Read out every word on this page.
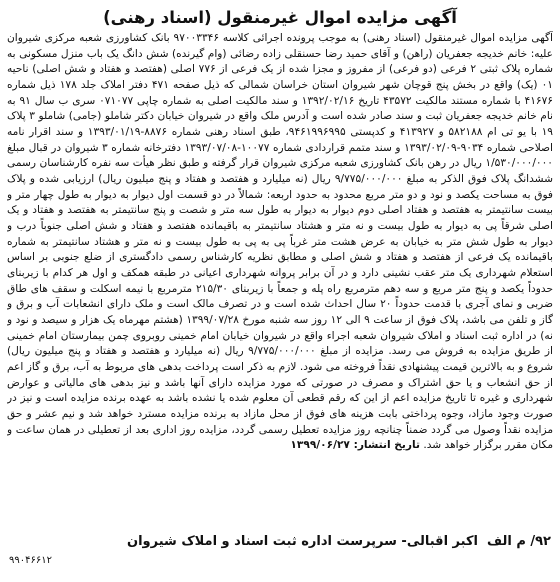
آگهی مزایده اموال غیرمنقول (اسناد رهنی)
آگهی مزایده اموال غیرمنقول (اسناد رهنی) به موجب پرونده اجرائی کلاسه ۹۷۰۰۳۳۴۶ بانک کشاورزی شعبه مرکزی شیروان علیه: خانم خدیجه جعفریان (راهن) و آقای حمید رضا حسنقلی زاده رضائی (وام گیرنده) شش دانگ یک باب منزل مسکونی به شماره پلاک ثبتی ۲ فرعی (دو فرعی) از مفروز و مجزا شده از یک فرعی از ۷۷۶ اصلی (هفتصد و هفتاد و شش اصلی) ناحیه ۰۱ (یک) واقع در بخش پنج قوچان شهر شیروان استان خراسان شمالی که ذیل صفحه ۴۷۱ دفتر املاک جلد ۱۷۸ ذیل شماره ۴۱۶۷۶ با شماره مستند مالکیت ۴۳۵۷۲ تاریخ ۱۳۹۲/۰۲/۱۶ و سند مالکیت اصلی به شماره چاپی ۰۷۱۰۷۷ سری ب سال ۹۱ به نام خانم خدیجه جعفریان ثبت و سند صادر شده است و آدرس ملک واقع در شیروان خیابان دکتر شاملو (جامی) شاملو ۳ پلاک ۱۹ با یو تی ام ۵۸۲۱۸۸ و ۴۱۳۹۲۷ و کدپستی ۹۴۶۱۹۹۶۹۹۵، طبق اسناد رهنی شماره ۸۸۷۶-۱۳۹۳/۰۱/۱۹ و سند اقرار نامه اصلاحی شماره ۹۰۳۴-۱۳۹۳/۰۲/۰۹ و سند متمم قراردادی شماره ۱۰۰۷۷-۱۳۹۳/۰۷/۰۸ دفترخانه شماره ۳ شیروان در قبال مبلغ ۱/۵۳۰/۰۰۰/۰۰۰ ریال در رهن بانک کشاورزی شعبه مرکزی شیروان قرار گرفته و طبق نظر هیأت سه نفره کارشناسان رسمی ششدانگ پلاک فوق الذکر به مبلغ ۹/۷۷۵/۰۰۰/۰۰۰ ریال (نه میلیارد و هفتصد و هفتاد و پنج میلیون ریال) ارزیابی شده و پلاک فوق به مساحت یکصد و نود و دو متر مربع محدود به حدود اربعه: شمالاً در دو قسمت اول دیوار به دیوار به طول چهار متر و بیست سانتیمتر به هفتصد و هفتاد اصلی دوم دیوار به دیوار به طول سه متر و شصت و پنج سانتیمتر به هفتصد و هفتاد و یک اصلی شرقاً پی به دیوار به طول بیست و نه متر و هشتاد سانتیمتر به باقیمانده هفتصد و هفتاد و شش اصلی جنوباً درب و دیوار به طول شش متر به خیابان به عرض هشت متر غرباً پی به پی به طول بیست و نه متر و هشتاد سانتیمتر به شماره باقیمانده یک فرعی از هفتصد و هفتاد و شش اصلی و مطابق نظریه کارشناس رسمی دادگستری از ضلع جنوبی بر اساس استعلام شهرداری یک متر عقب نشینی دارد و در آن برابر پروانه شهرداری اعیانی در طبقه همکف و اول هر کدام با زیربنای حدوداً یکصد و پنج متر مربع و سه دهم مترمربع راه پله و جمعاً با زیربنای ۲۱۵/۳۰ مترمربع با نیمه اسکلت و سقف های طاق ضربی و نمای آجری با قدمت حدوداً ۲۰ سال احداث شده است و در تصرف مالک است و ملک دارای انشعابات آب و برق و گاز و تلفن می باشد، پلاک فوق از ساعت ۹ الی ۱۲ روز سه شنبه مورخ ۱۳۹۹/۰۷/۲۸ (هشتم مهرماه یک هزار و سیصد و نود و نه) در اداره ثبت اسناد و املاک شیروان شعبه اجراء واقع در شیروان خیابان امام خمینی روبروی چمن بیمارستان امام خمینی از طریق مزایده به فروش می رسد. مزایده از مبلغ ۹/۷۷۵/۰۰۰/۰۰۰ ریال (نه میلیارد و هفتصد و هفتاد و پنج میلیون ریال) شروع و به بالاترین قیمت پیشنهادی نقداً فروخته می شود. لازم به ذکر است پرداخت بدهی های مربوط به آب، برق و گاز اعم از حق انشعاب و یا حق اشتراک و مصرف در صورتی که مورد مزایده دارای آنها باشد و نیز بدهی های مالیاتی و عوارض شهرداری و غیره تا تاریخ مزایده اعم از این که رقم قطعی آن معلوم شده یا نشده باشد به عهده برنده مزایده است و نیز در صورت وجود مازاد، وجوه پرداختی بابت هزینه های فوق از محل مازاد به برنده مزایده مسترد خواهد شد و نیم عشر و حق مزایده نقداً وصول می گردد ضمناً چنانچه روز مزایده تعطیل رسمی گردد، مزایده روز اداری بعد از تعطیلی در همان ساعت و مکان مقرر برگزار خواهد شد. تاریخ انتشار: ۱۳۹۹/۰۶/۲۷
۹۲/ م الف
اکبر اقبالی- سرپرست اداره ثبت اسناد و املاک شیروان
۹۹۰۴۶۶۱۲
